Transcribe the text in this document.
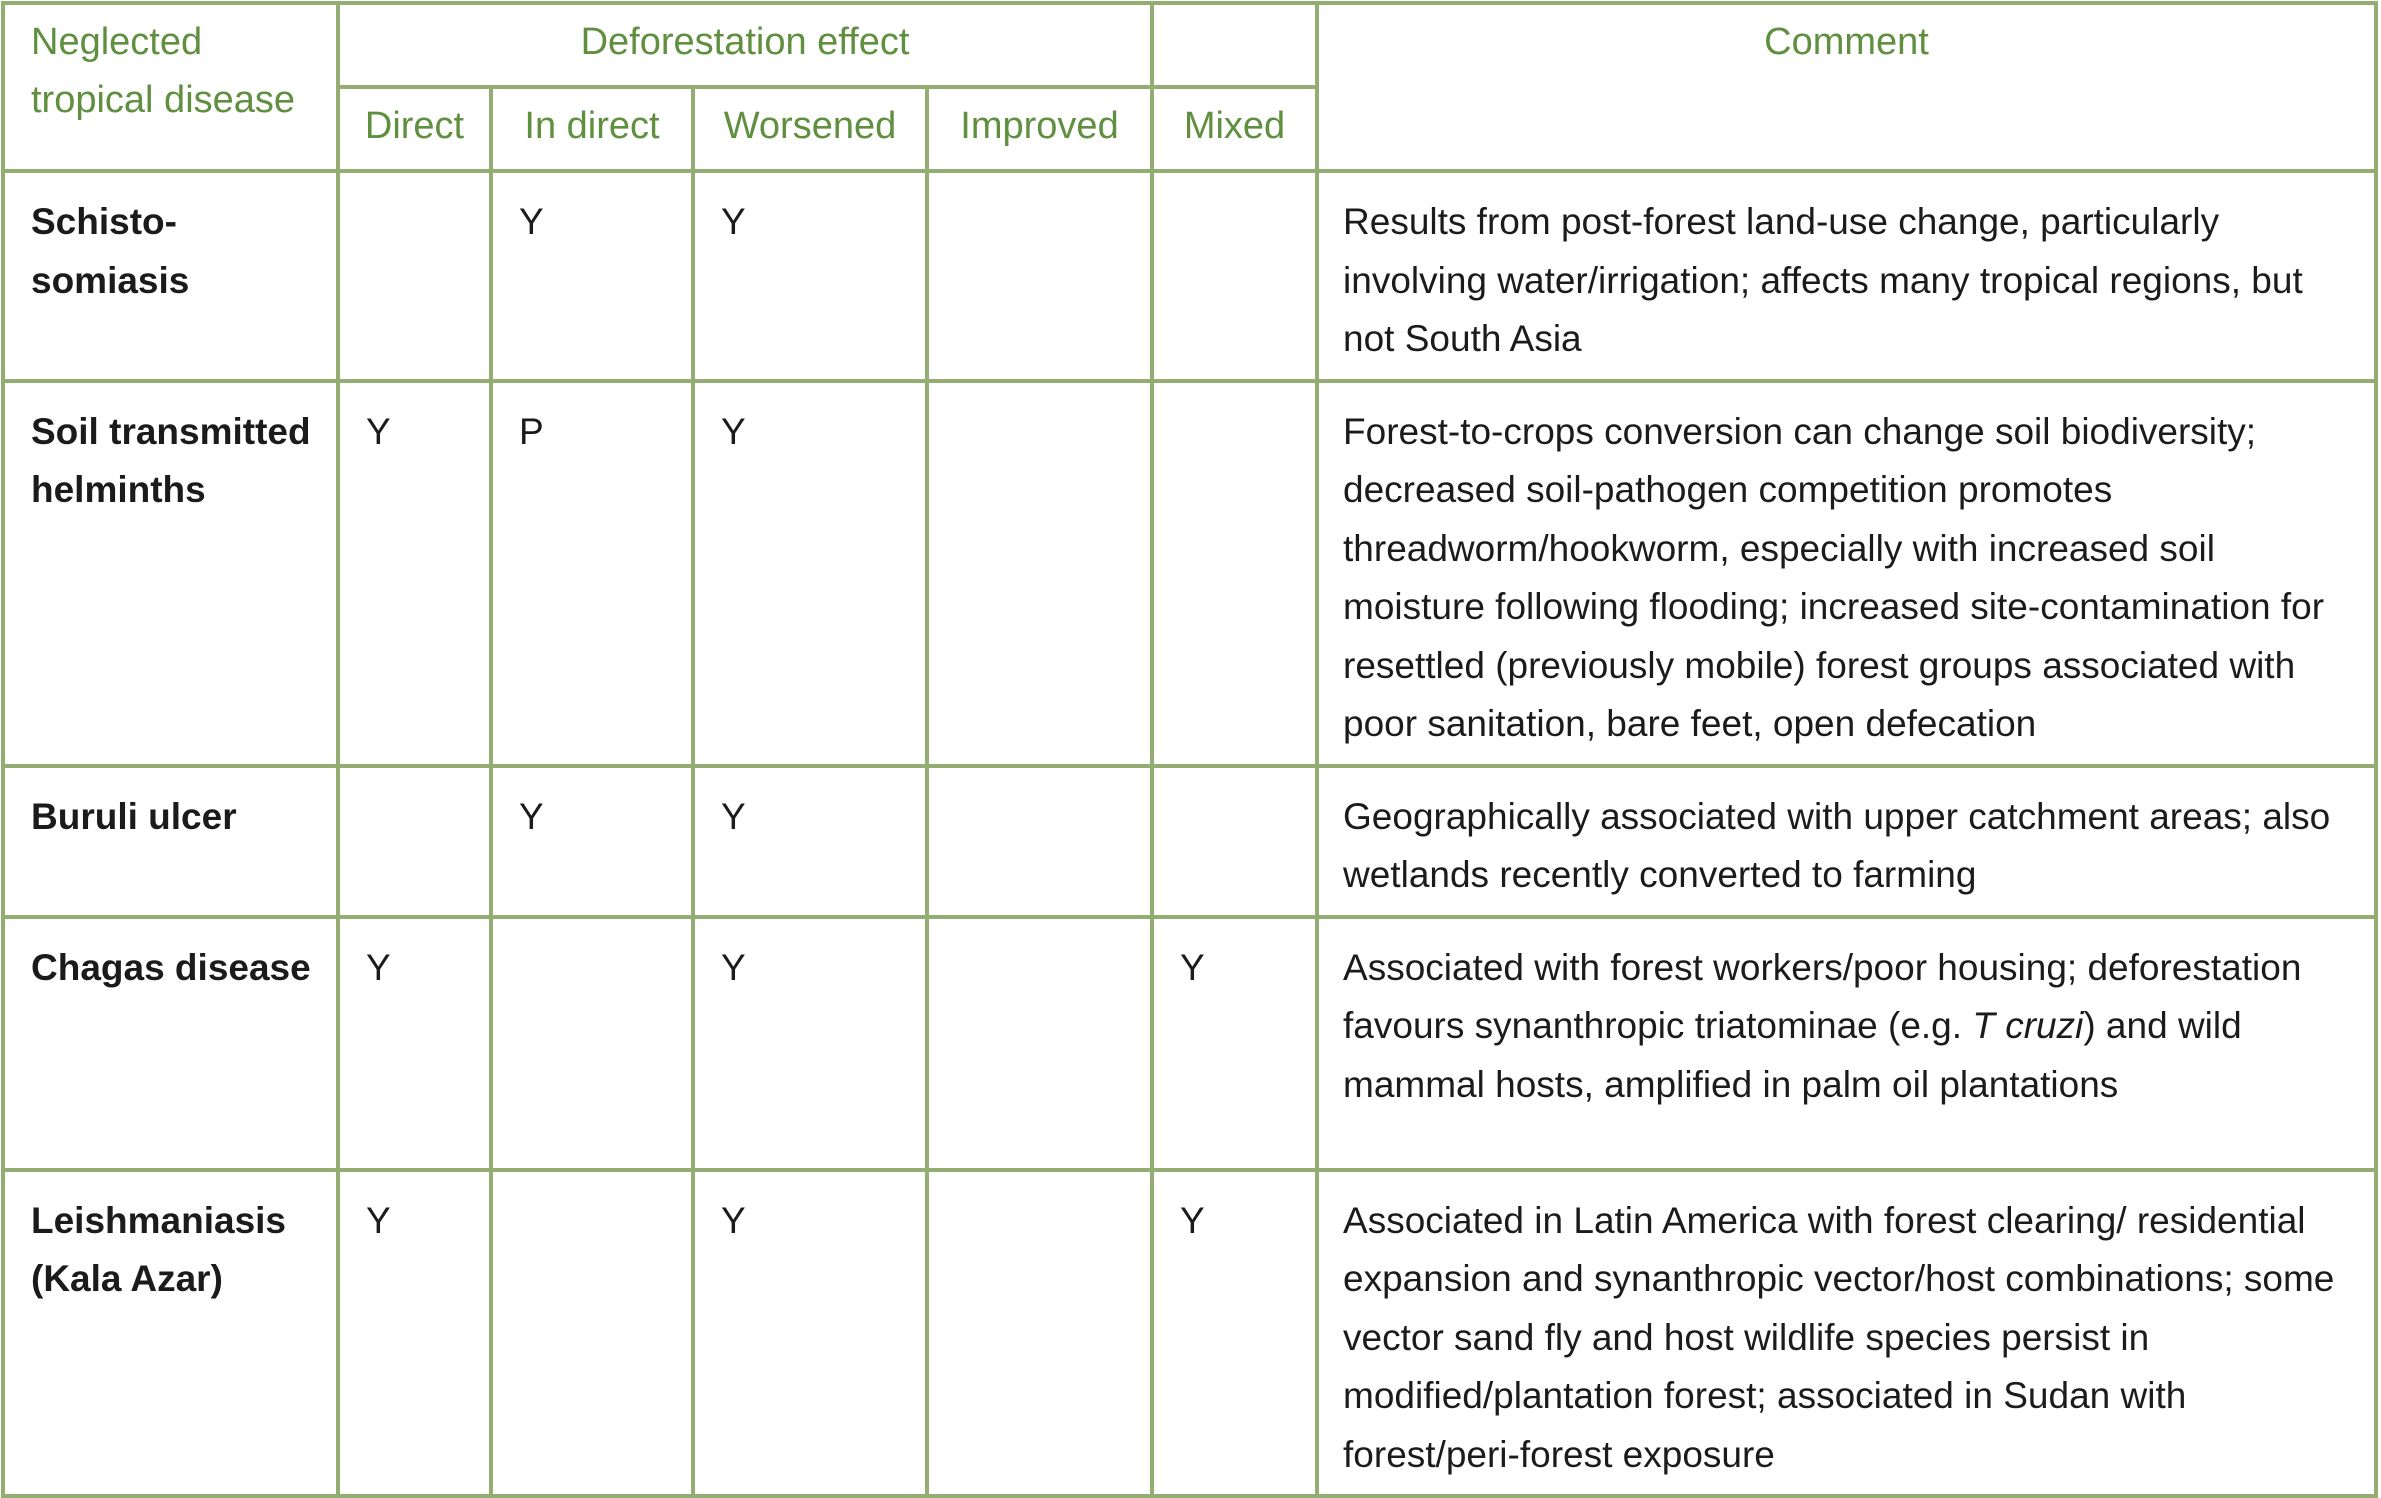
Neglected tropical disease	Deforestation effect					Comment
	Direct	In direct	Worsened	Improved	Mixed	
Schisto-somiasis		Y	Y			Results from post-forest land-use change, particularly involving water/irrigation; affects many tropical regions, but not South Asia
Soil transmitted helminths	Y	P	Y			Forest-to-crops conversion can change soil biodiversity; decreased soil-pathogen competition promotes threadworm/hookworm, especially with increased soil moisture following flooding; increased site-contamination for resettled (previously mobile) forest groups associated with poor sanitation, bare feet, open defecation
Buruli ulcer		Y	Y			Geographically associated with upper catchment areas; also wetlands recently converted to farming
Chagas disease	Y		Y		Y	Associated with forest workers/poor housing; deforestation favours synanthropic triatominae (e.g. T cruzi) and wild mammal hosts, amplified in palm oil plantations
Leishmaniasis (Kala Azar)	Y		Y		Y	Associated in Latin America with forest clearing/ residential expansion and synanthropic vector/host combinations; some vector sand fly and host wildlife species persist in modified/plantation forest; associated in Sudan with forest/peri-forest exposure
